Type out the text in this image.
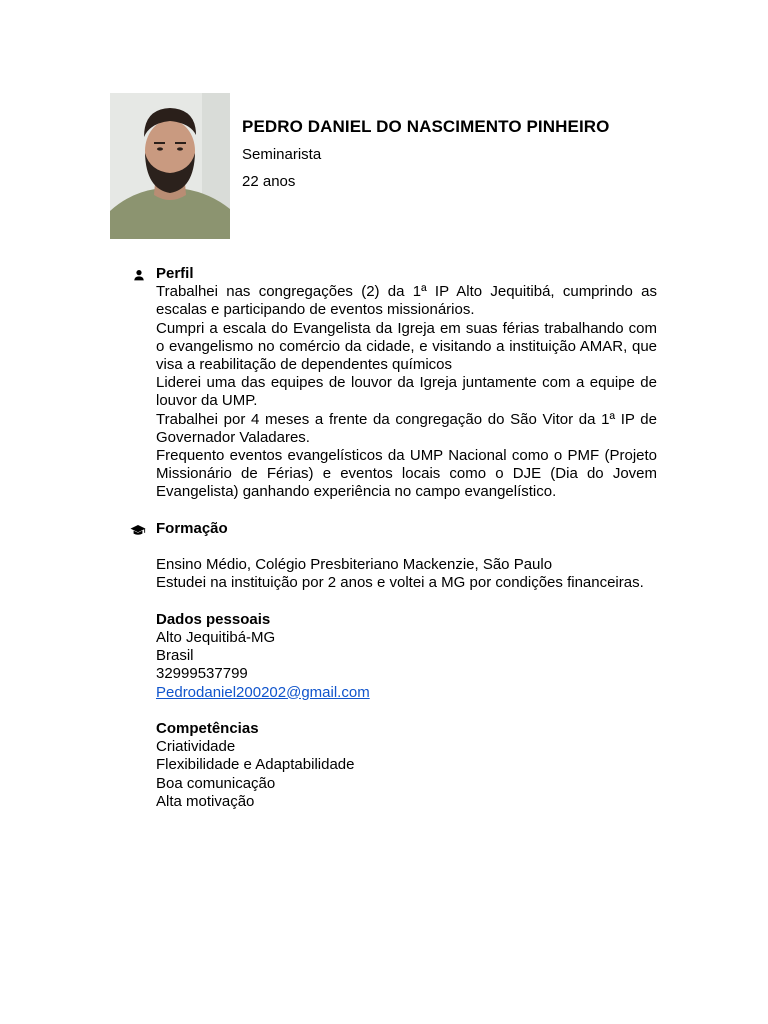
PEDRO DANIEL DO NASCIMENTO PINHEIRO
Seminarista
22 anos
Perfil
Trabalhei nas congregações (2) da 1ª IP Alto Jequitibá, cumprindo as escalas e participando de eventos missionários.
Cumpri a escala do Evangelista da Igreja em suas férias trabalhando com o evangelismo no comércio da cidade, e visitando a instituição AMAR, que visa a reabilitação de dependentes químicos
Liderei uma das equipes de louvor da Igreja juntamente com a equipe de louvor da UMP.
Trabalhei por 4 meses a frente da congregação do São Vitor da 1ª IP de Governador Valadares.
Frequento eventos evangelísticos da UMP Nacional como o PMF (Projeto Missionário de Férias) e eventos locais como o DJE (Dia do Jovem Evangelista) ganhando experiência no campo evangelístico.
Formação
Ensino Médio, Colégio Presbiteriano Mackenzie, São Paulo
Estudei na instituição por 2 anos e voltei a MG por condições financeiras.
Dados pessoais
Alto Jequitibá-MG
Brasil
32999537799
Pedrodaniel200202@gmail.com
Competências
Criatividade
Flexibilidade e Adaptabilidade
Boa comunicação
Alta motivação
